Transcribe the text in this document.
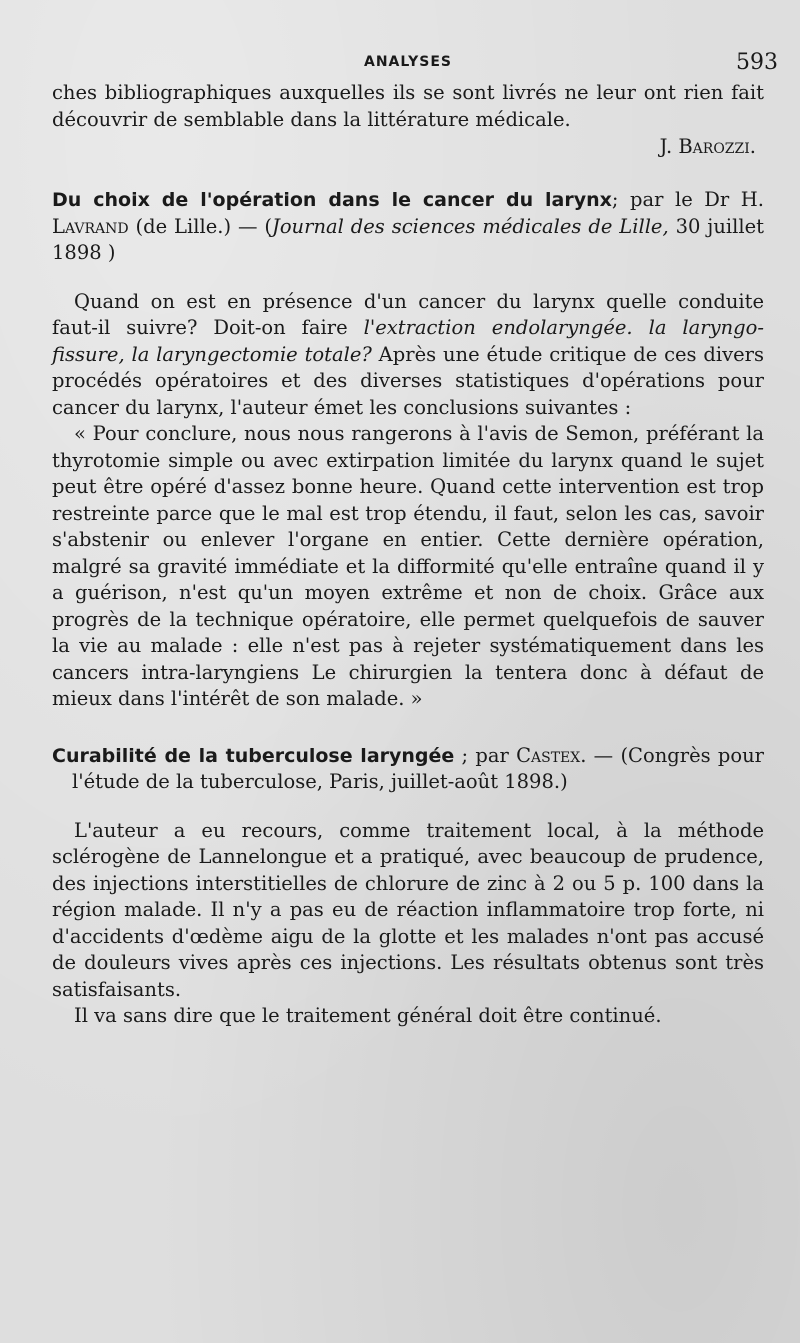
ANALYSES	593

ches bibliographiques auxquelles ils se sont livrés ne leur ont rien fait découvrir de semblable dans la littérature médicale.

J. Barozzi.

Du choix de l'opération dans le cancer du larynx; par le Dr H. Lavrand (de Lille.) — (Journal des sciences médicales de Lille, 30 juillet 1898 )

Quand on est en présence d'un cancer du larynx quelle conduite faut-il suivre? Doit-on faire l'extraction endolaryngée. la laryngo-fissure, la laryngectomie totale? Après une étude critique de ces divers procédés opératoires et des diverses statistiques d'opérations pour cancer du larynx, l'auteur émet les conclusions suivantes :

« Pour conclure, nous nous rangerons à l'avis de Semon, préférant la thyrotomie simple ou avec extirpation limitée du larynx quand le sujet peut être opéré d'assez bonne heure. Quand cette intervention est trop restreinte parce que le mal est trop étendu, il faut, selon les cas, savoir s'abstenir ou enlever l'organe en entier. Cette dernière opération, malgré sa gravité immédiate et la difformité qu'elle entraîne quand il y a guérison, n'est qu'un moyen extrême et non de choix. Grâce aux progrès de la technique opératoire, elle permet quelquefois de sauver la vie au malade : elle n'est pas à rejeter systématiquement dans les cancers intra-laryngiens Le chirurgien la tentera donc à défaut de mieux dans l'intérêt de son malade. »

Curabilité de la tuberculose laryngée ; par Castex. — (Congrès pour l'étude de la tuberculose, Paris, juillet-août 1898.)

L'auteur a eu recours, comme traitement local, à la méthode sclérogène de Lannelongue et a pratiqué, avec beaucoup de prudence, des injections interstitielles de chlorure de zinc à 2 ou 5 p. 100 dans la région malade. Il n'y a pas eu de réaction inflammatoire trop forte, ni d'accidents d'œdème aigu de la glotte et les malades n'ont pas accusé de douleurs vives après ces injections. Les résultats obtenus sont très satisfaisants.

Il va sans dire que le traitement général doit être continué.
